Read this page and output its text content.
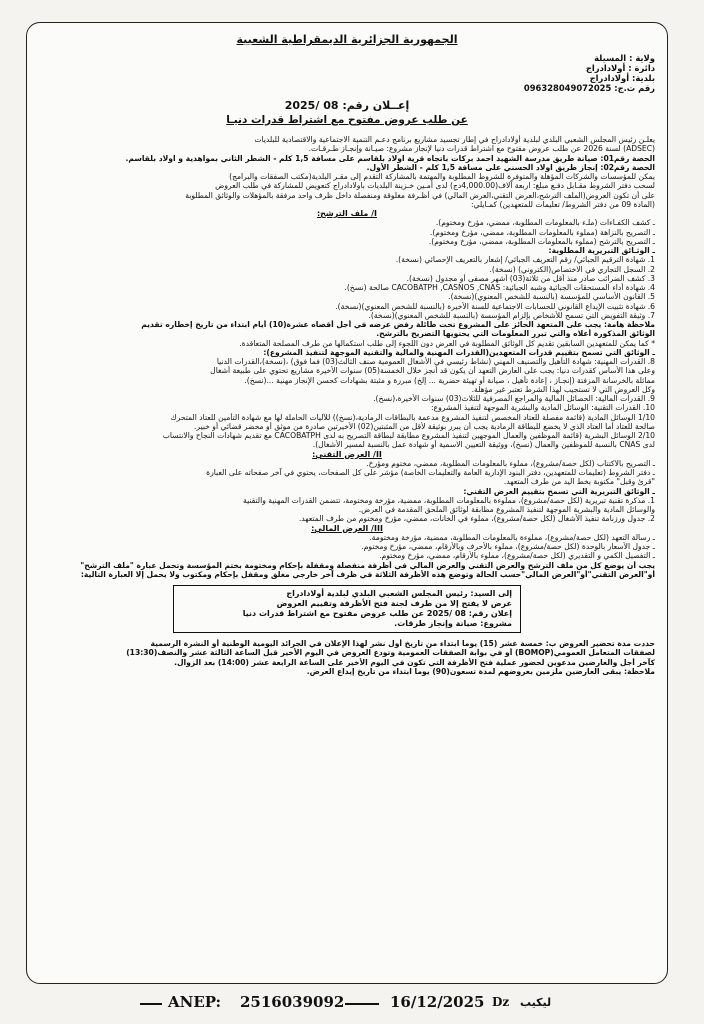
الجمهورية الجزائرية الديمقراطية الشعبية
ولاية : المسيلة
دائرة : أولادادراج
بلدية: أولادادراج
رقم ت.ج: 096328049072025
إعــلان رقم: 08 /2025
عن طلب عروض مفتوح مع اشتراط قدرات دنيـا

يعلـن رئيس المجلس الشعبي البلدي لبلدية أولادادراج في إطار تجسيد مشاريع برنامج دعـم التنمية الاجتماعية والاقتصادية للبلديات

(ADSEC) لسنة 2026 عن طلب عروض مفتوح مع اشتراط قدرات دنيا لإنجاز مشروع: صيـانة وإنجـاز طـرقـات.

الحصة رقم01: صيانة طريق مدرسة الشهيد احمد بركات باتجاه قرية اولاد بلقاسم على مسافة 1,5 كلم - الشطر الثاني بمواهدية و اولاد بلقاسم.

الحصة رقم02: إنجاز طريق اولاد الحسني على مسافة 1,5 كلم - الشطر الأول.

يمكن للمؤسسات والشركات المؤهلة والمتوفرة للشروط المطلوبة والمهتمة بالمشاركة التقدم إلى مقـر البلدية(مكتب الصفقات والبرامج)

لسحب دفتر الشروط مقـابل دفـع مبلغ: اربعة آلاف(4,000.00دج) لدى أمـين خـزينة البلديات باولادادراج كتعويض للمشاركة في طلب العروض

على أن تكون العروض(الملف الترشح،العرض التقني،العرض المالي) في أظـرفة مغلوقة ومنفصلة داخل ظرف واحد مرفقة بالمؤهلات والوثائق المطلوبة

(المادة 09 من دفتر الشروط/ تعليمات للمتعهدين) كمـايلي:

I/ ملف الترشح:

ـ كشف الكفـاءات (ملـء بالمعلومات المطلوبة، ممضي، مؤرخ ومختوم).

ـ التصريح بالنزاهة (مملوء بالمعلومات المطلوبة، ممضي، مؤرخ ومختوم).

ـ التصريح بالترشح (مملوء بالمعلومات المطلوبة، ممضي، مؤرخ ومختوم).

ـ الوثـائق التبريرية المطلوبة:

1. شهادة الترقيم الجبائي/ رقم التعريف الجبائي/ إشعار بالتعريف الإحصائي (نسخة).

2. السجل التجاري في الاختصاص(الكتروني) (نسخة).

3. كشف الضرائب صادر منذ أقل من ثلاثة(03) أشهر مصفى أو مجدول (نسخة).

4. شهادة أداء المستحقات الجبائية وشبه الجبائية: CACOBATPH ,CASNOS ,CNAS صالحة (نسخ).

5. القانون الأساسي للمؤسسة (بالنسبة للشخص المعنوي)(نسخة).

6. شهادة تثبيت الإيداع القانوني للحسابات الاجتماعية للسنة الأخيرة (بالنسبة للشخص المعنوي)(نسخة).

7. وثيقة التفويض التي تسمح للأشخاص بإلزام المؤسسة (بالنسبة للشخص المعنوي)(نسخة).

ملاحظة هامة: يجب على المتعهد الحائز على المشروع تحت طائلة رفض عرضه في أجل أقصاه عشرة(10) أيام ابتداء من تاريخ إخطاره تقديم

الوثائق المذكورة أعلاه والتي تبرر المعلومات التي يحتويها التصريح بالترشح.

* كما يمكن للمتعهدين السابقين تقديم كل الوثائق المطلوبة في العرض دون اللجوء إلى طلب استكمالها من طرف المصلحة المتعاقدة.

ـ الوثائق التي تسمح بتقييم قدرات المتعهدين(القدرات المهنية والمالية والتقنية الموجهة لتنفيذ المشروع):

8. القدرات المهنية: شهادة التأهيل والتصنيف المهني (نشاط رئيسي في الأشغال العمومية صنف الثالث(03) فما فوق) ،(نسخة)،القدرات الدنيا

وعلى هذا الأساس كقدرات دنيا: يجب على العارض التعهد أن يكون قد أنجز خلال الخمسة(05) سنوات الأخيرة مشاريع تحتوي على طبيعة أشغال

مماثلة بالخرسانة المزفتة (إنجـاز ، إعادة تأهيل ، صيانة أو تهيئة حضرية ... إلخ) مبررة و مثبتة بشهادات كحسن الإنجاز مهنية ...(نسخ).

وكل العروض التي لا تستجيب لهذا الشرط تعتبر غير مؤهلة.

9. القدرات المالية: الحصائل المالية والمراجع المصرفية للثلاث(03) سنوات الأخيرة،(نسخ).

10. القدرات التقنية: الوسائل المادية والبشرية الموجهة لتنفيذ المشروع:

1/10 الوسائل المادية (قائمة مفصلة للعتاد المخصص لتنفيذ المشروع مدعمة بالبطاقات الرمادية،(نسخ)) للآليات الحاملة لها مع شهادة التأمين للعتاد المتحرك

صالحة للعتاد أما العتاد الذي لا يخضع للبطاقة الرمادية يجب أن يبرر بوثيقة لأقل من المثبتين(02) الأخيرتين صادرة من موثق أو محضر قضائي أو خبير.

2/10 الوسائل البشرية (قائمة الموظفين والعمال الموجهين لتنفيذ المشروع مطابقة لبطاقة التصريح به لدى CACOBATPH مع تقديم شهادات النجاح والانتساب

لدى CNAS بالنسبة للموظفين والعمال (نسخ)، ووثيقة التعيين الاسمية أو شهادة عمل بالنسبة لمسير الأشغال).

II/ العرض التقني:

ـ التصريح بالاكتتاب (لكل حصة/مشروع)، مملوء بالمعلومات المطلوبة، ممضي، مختوم ومؤرخ.

ـ دفتر الشروط (تعليمات للمتعهدين، دفتر البنود الإدارية العامة والتعليمات الخاصة) مؤشر على كل الصفحات، يحتوي في آخر صفحاته على العبارة

"قرئ وقبل" مكتوبة بخط اليد من طرف المتعهد.

ـ الوثائق التبريرية التي تسمح بتقييم العرض التقني:

1. مذكرة تقنية تبريرية (لكل حصة/مشروع)، مملوءة بالمعلومات المطلوبة، ممضية، مؤرخة ومختومة، تتضمن القدرات المهنية والتقنية

والوسائل المادية والبشرية الموجهة لتنفيذ المشروع مطابقة لوثائق الملحق المقدمة في العرض.

2. جدول ورزنامة تنفيذ الأشغال (لكل حصة/مشروع)، مملوء في الخانات، ممضي، مؤرخ ومختوم من طرف المتعهد.

III/ العرض المالي:

ـ رسالة التعهد (لكل حصة/مشروع)، مملوءة بالمعلومات المطلوبة، ممضية، مؤرخة ومختومة.

ـ جدول الأسعار بالوحدة (لكل حصة/مشروع)، مملوء بالأحرف وبالأرقام، ممضي، مؤرخ ومختوم.

ـ التفصيل الكمي و التقديري (لكل حصة/مشروع)، مملوء بالأرقام، ممضي، مؤرخ ومختوم.

يجب أن يوضع كل من ملف الترشح والعرض التقني والعرض المالي في أظرفة منفصلة ومقفلة بإحكام ومختومة بختم المؤسسة وتحمل عبارة "ملف الترشح"

أو"العرض التقني"أو"العرض المالي"حسب الحالة وتوضع هذه الأظرفة الثلاثة في ظرف آخر خارجي مغلق ومقفل بإحكام ومكتوب ولا يحمل إلا العبارة التالية:

إلى السيد: رئيس المجلس الشعبي البلدي لبلدية أولادادراج
عرض لا يفتح إلا من طرف لجنة فتح الأظرفة وتقييم العروض
إعلان رقم: 08 /2025 عن طلب عروض مفتوح مع اشتراط قدرات دنيا
مشروع: صيانة وإنجاز طرقات.

حددت مدة تحضير العروض ب: خمسة عشر (15) يوما ابتداء من تاريخ أول نشر لهذا الإعلان في الجرائد اليومية الوطنية أو النشرة الرسمية

لصفقات المتعامل العمومي(BOMOP) أو في بوابة الصفقات العمومية وتودع العروض في اليوم الأخير قبل الساعة الثالثة عشر والنصف(13:30)

كآخر أجل والعارضين مدعوين لحضور عملية فتح الأظرفة التي تكون في اليوم الأخير على الساعة الرابعة عشر (14:00) بعد الزوال.

ملاحظة: يبقى العارضين ملزمين بعروضهم لمدة تسعون(90) يوما ابتداء من تاريخ إيداع العرض.

ANEP: 2516039092	16/12/2025 Dz ليكيب
